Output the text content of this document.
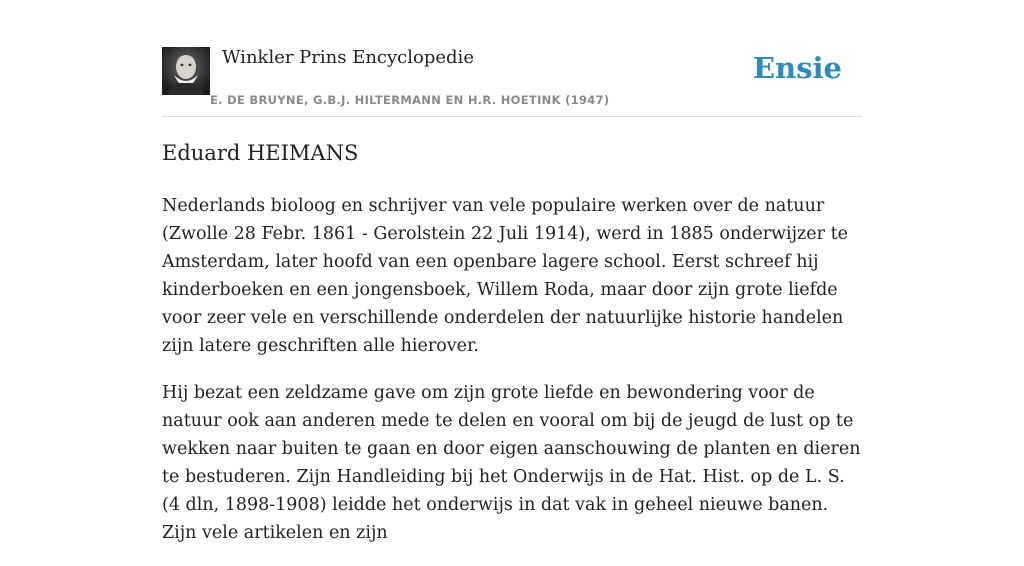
Winkler Prins Encyclopedie
E. DE BRUYNE, G.B.J. HILTERMANN EN H.R. HOETINK (1947)
Ensie
Eduard HEIMANS

Nederlands bioloog en schrijver van vele populaire werken over de natuur (Zwolle 28 Febr. 1861 - Gerolstein 22 Juli 1914), werd in 1885 onderwijzer te Amsterdam, later hoofd van een openbare lagere school. Eerst schreef hij kinderboeken en een jongensboek, Willem Roda, maar door zijn grote liefde voor zeer vele en verschillende onderdelen der natuurlijke historie handelen zijn latere geschriften alle hierover.

Hij bezat een zeldzame gave om zijn grote liefde en bewondering voor de natuur ook aan anderen mede te delen en vooral om bij de jeugd de lust op te wekken naar buiten te gaan en door eigen aanschouwing de planten en dieren te bestuderen. Zijn Handleiding bij het Onderwijs in de Hat. Hist. op de L. S. (4 dln, 1898-1908) leidde het onderwijs in dat vak in geheel nieuwe banen. Zijn vele artikelen en zijn
